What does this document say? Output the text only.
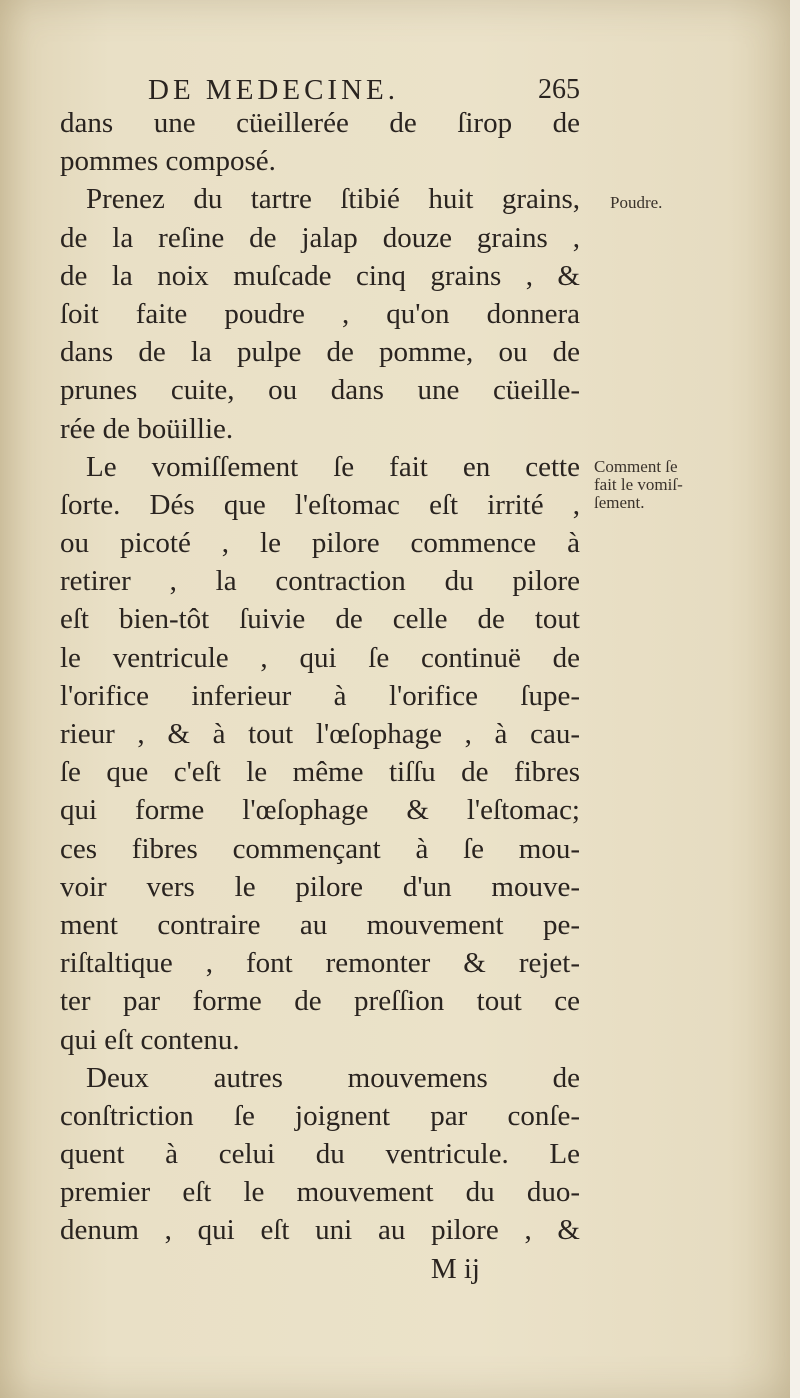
DE MEDECINE.	265
dans une cüeillerée de ſirop de
pommes composé.
Prenez du tartre ſtibié huit grains,
de la reſine de jalap douze grains ,
de la noix muſcade cinq grains , &
ſoit faite poudre , qu'on donnera
dans de la pulpe de pomme, ou de
prunes cuite, ou dans une cüeille-
rée de boüillie.
Le vomiſſement ſe fait en cette
ſorte. Dés que l'eſtomac eſt irrité ,
ou picoté , le pilore commence à
retirer , la contraction du pilore
eſt bien-tôt ſuivie de celle de tout
le ventricule , qui ſe continuë de
l'orifice inferieur à l'orifice ſupe-
rieur , & à tout l'œſophage , à cau-
ſe que c'eſt le même tiſſu de fibres
qui forme l'œſophage & l'eſtomac;
ces fibres commençant à ſe mou-
voir vers le pilore d'un mouve-
ment contraire au mouvement pe-
riſtaltique , font remonter & rejet-
ter par forme de preſſion tout ce
qui eſt contenu.
Deux autres mouvemens de
conſtriction ſe joignent par conſe-
quent à celui du ventricule. Le
premier eſt le mouvement du duo-
denum , qui eſt uni au pilore , &
M ij
Poudre.
Comment ſe
fait le vomiſ-
ſement.
